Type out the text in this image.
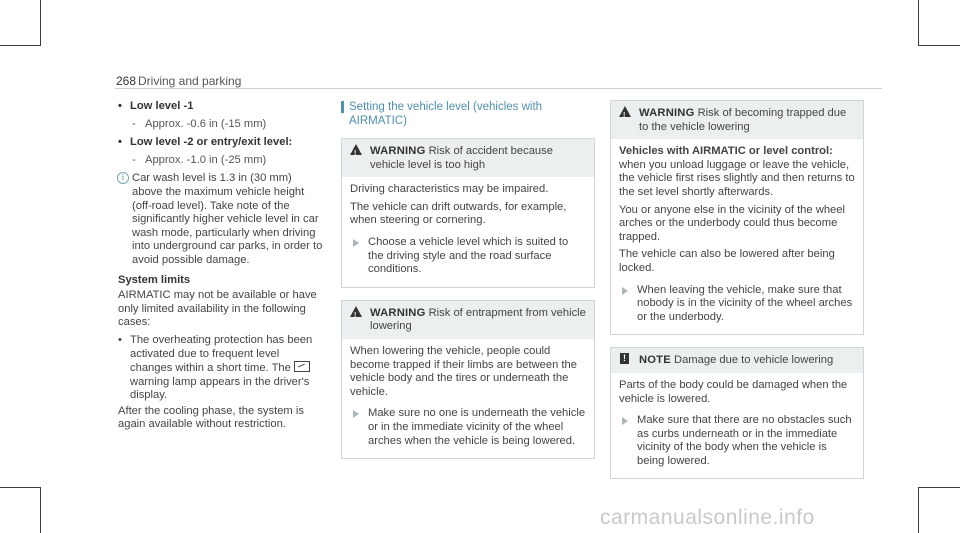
268 Driving and parking
• Low level -1
- Approx. -0.6 in (-15 mm)
• Low level -2 or entry/exit level:
- Approx. -1.0 in (-25 mm)
i Car wash level is 1.3 in (30 mm) above the maximum vehicle height (off-road level). Take note of the significantly higher vehicle level in car wash mode, particularly when driving into underground car parks, in order to avoid possible damage.
System limits

AIRMATIC may not be available or have only limited availability in the following cases:

• The overheating protection has been activated due to frequent level changes within a short time. The  warning lamp appears in the driver's display.

After the cooling phase, the system is again available without restriction.

Setting the vehicle level (vehicles with AIRMATIC)
!	WARNING Risk of accident because vehicle level is too high

Driving characteristics may be impaired.

The vehicle can drift outwards, for example, when steering or cornering.

Choose a vehicle level which is suited to the driving style and the road surface conditions.
!	WARNING Risk of entrapment from vehicle lowering

When lowering the vehicle, people could become trapped if their limbs are between the vehicle body and the tires or underneath the vehicle.

Make sure no one is underneath the vehicle or in the immediate vicinity of the wheel arches when the vehicle is being lowered.
!	WARNING Risk of becoming trapped due to the vehicle lowering

Vehicles with AIRMATIC or level control: when you unload luggage or leave the vehicle, the vehicle first rises slightly and then returns to the set level shortly afterwards.

You or anyone else in the vicinity of the wheel arches or the underbody could thus become trapped.

The vehicle can also be lowered after being locked.

When leaving the vehicle, make sure that nobody is in the vicinity of the wheel arches or the underbody.
!	NOTE Damage due to vehicle lowering

Parts of the body could be damaged when the vehicle is lowered.

Make sure that there are no obstacles such as curbs underneath or in the immediate vicinity of the body when the vehicle is being lowered.
carmanualsonline.info
